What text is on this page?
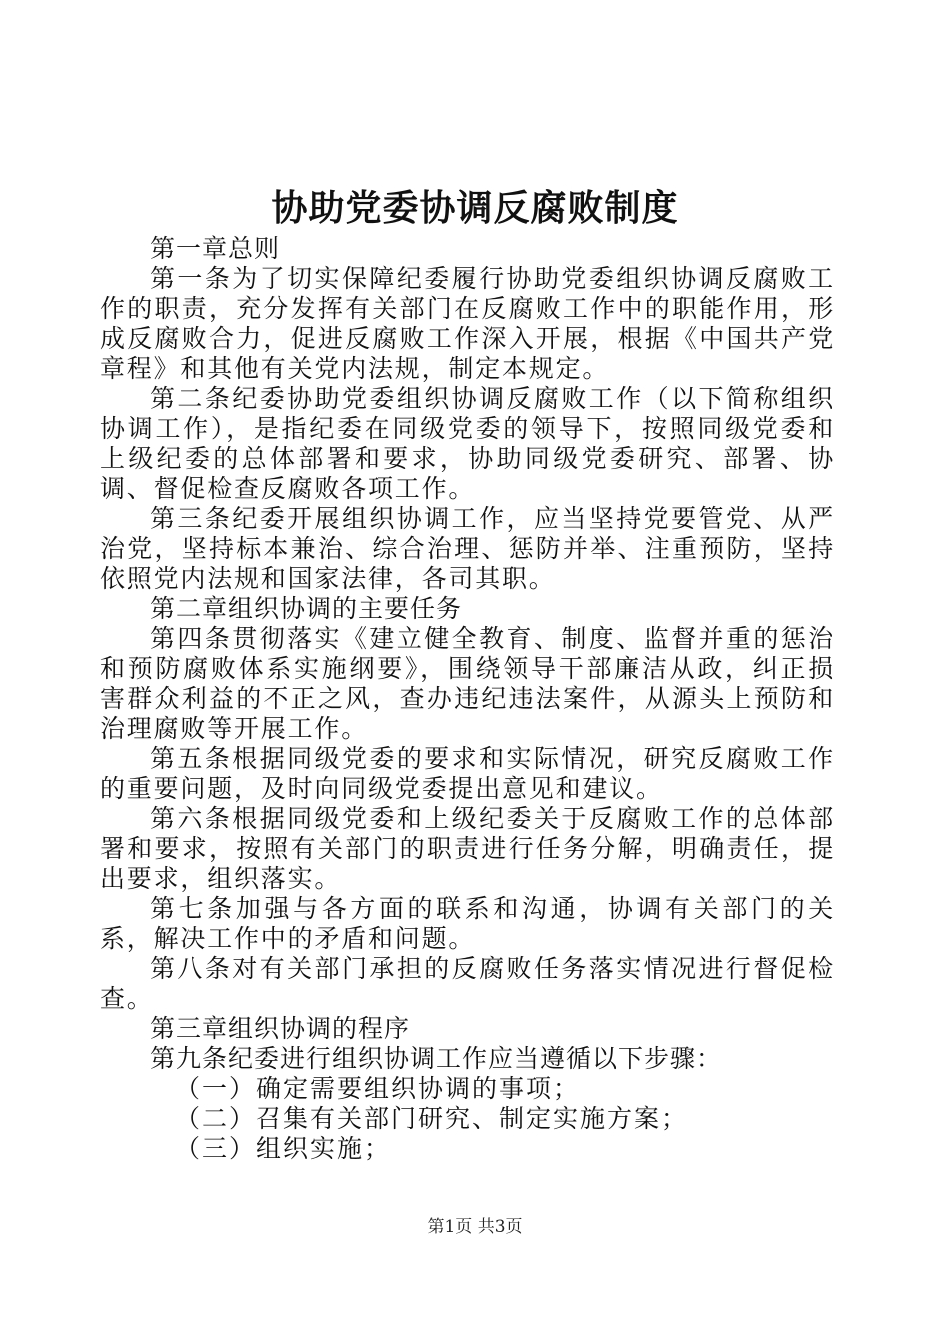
协助党委协调反腐败制度

第一章总则

第一条为了切实保障纪委履行协助党委组织协调反腐败工作的职责，充分发挥有关部门在反腐败工作中的职能作用，形成反腐败合力，促进反腐败工作深入开展，根据《中国共产党章程》和其他有关党内法规，制定本规定。

第二条纪委协助党委组织协调反腐败工作（以下简称组织协调工作），是指纪委在同级党委的领导下，按照同级党委和上级纪委的总体部署和要求，协助同级党委研究、部署、协调、督促检查反腐败各项工作。

第三条纪委开展组织协调工作，应当坚持党要管党、从严治党，坚持标本兼治、综合治理、惩防并举、注重预防，坚持依照党内法规和国家法律，各司其职。

第二章组织协调的主要任务

第四条贯彻落实《建立健全教育、制度、监督并重的惩治和预防腐败体系实施纲要》，围绕领导干部廉洁从政，纠正损害群众利益的不正之风，查办违纪违法案件，从源头上预防和治理腐败等开展工作。

第五条根据同级党委的要求和实际情况，研究反腐败工作的重要问题，及时向同级党委提出意见和建议。

第六条根据同级党委和上级纪委关于反腐败工作的总体部署和要求，按照有关部门的职责进行任务分解，明确责任，提出要求，组织落实。

第七条加强与各方面的联系和沟通，协调有关部门的关系，解决工作中的矛盾和问题。

第八条对有关部门承担的反腐败任务落实情况进行督促检查。

第三章组织协调的程序

第九条纪委进行组织协调工作应当遵循以下步骤：

（一）确定需要组织协调的事项；

（二）召集有关部门研究、制定实施方案；

（三）组织实施；

第1页 共3页
